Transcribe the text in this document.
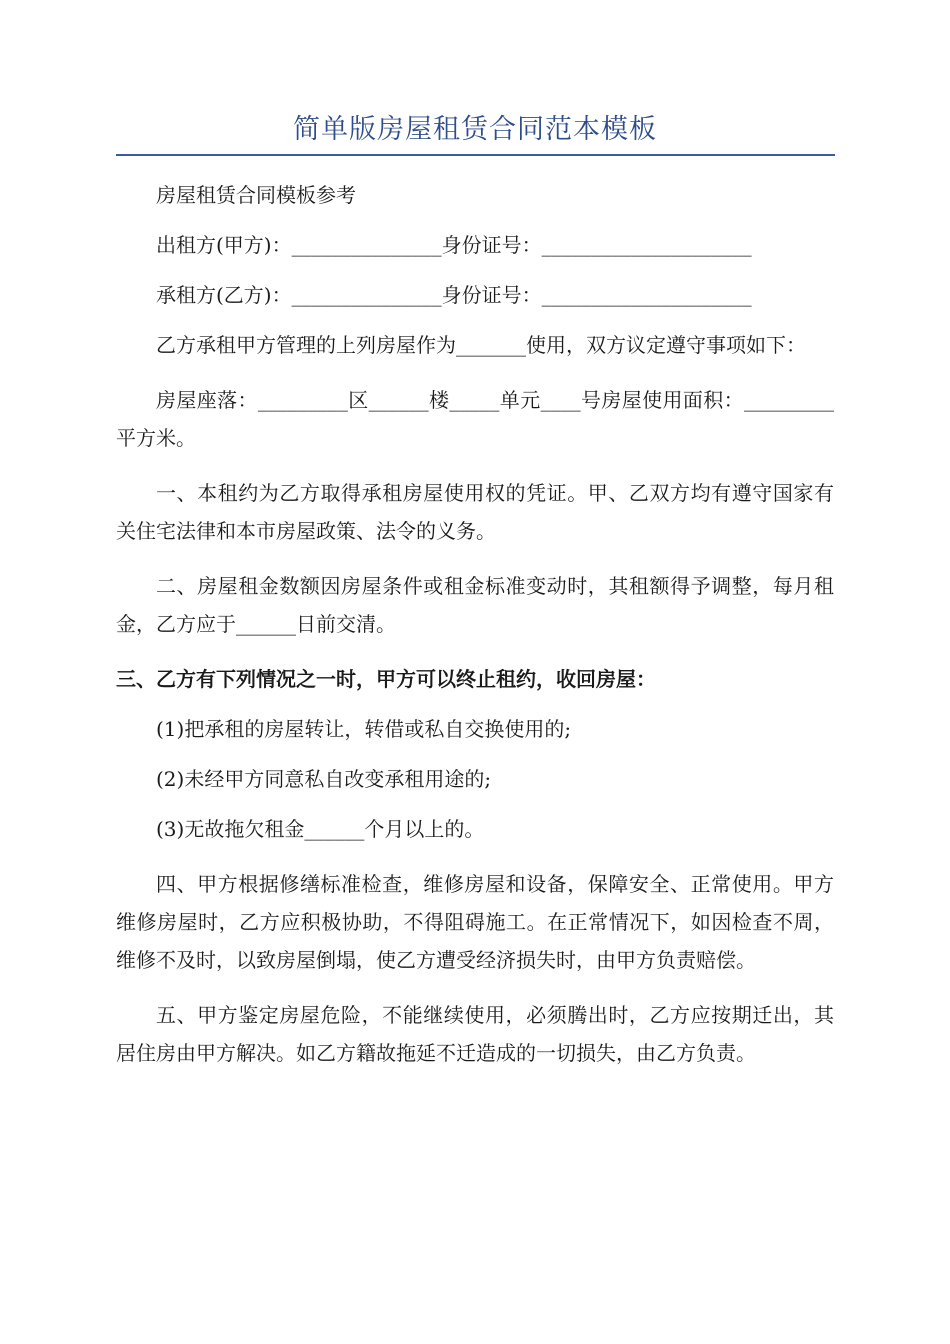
简单版房屋租赁合同范本模板

房屋租赁合同模板参考

出租方(甲方)：_______________身份证号：_____________________

承租方(乙方)：_______________身份证号：_____________________

乙方承租甲方管理的上列房屋作为_______使用，双方议定遵守事项如下：

房屋座落：_________区______楼_____单元____号房屋使用面积：_________平方米。

一、本租约为乙方取得承租房屋使用权的凭证。甲、乙双方均有遵守国家有关住宅法律和本市房屋政策、法令的义务。

二、房屋租金数额因房屋条件或租金标准变动时，其租额得予调整，每月租金，乙方应于______日前交清。

三、乙方有下列情况之一时，甲方可以终止租约，收回房屋：

(1)把承租的房屋转让，转借或私自交换使用的;

(2)未经甲方同意私自改变承租用途的;

(3)无故拖欠租金______个月以上的。

四、甲方根据修缮标准检查，维修房屋和设备，保障安全、正常使用。甲方维修房屋时，乙方应积极协助，不得阻碍施工。在正常情况下，如因检查不周，维修不及时，以致房屋倒塌，使乙方遭受经济损失时，由甲方负责赔偿。

五、甲方鉴定房屋危险，不能继续使用，必须腾出时，乙方应按期迁出，其居住房由甲方解决。如乙方籍故拖延不迁造成的一切损失，由乙方负责。
